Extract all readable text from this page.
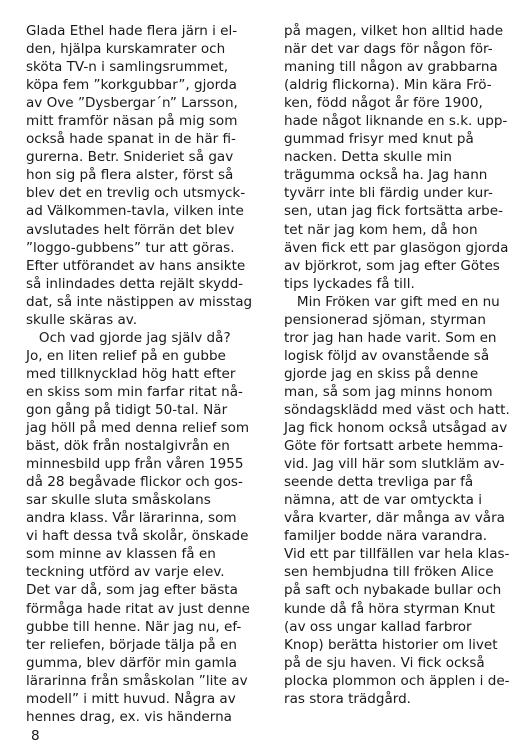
Glada Ethel hade flera järn i el-
den, hjälpa kurskamrater och
sköta TV-n i samlingsrummet,
köpa fem ”korkgubbar”, gjorda
av Ove ”Dysbergar´n” Larsson,
mitt framför näsan på mig som
också hade spanat in de här fi-
gurerna. Betr. Snideriet så gav
hon sig på flera alster, först så
blev det en trevlig och utsmyck-
ad Välkommen-tavla, vilken inte
avslutades helt förrän det blev
”loggo-gubbens” tur att göras.
Efter utförandet av hans ansikte
så inlindades detta rejält skydd-
dat, så inte nästippen av misstag
skulle skäras av.
Och vad gjorde jag själv då?
Jo, en liten relief på en gubbe
med tillknycklad hög hatt efter
en skiss som min farfar ritat nå-
gon gång på tidigt 50-tal. När
jag höll på med denna relief som
bäst, dök från nostalgivrån en
minnesbild upp från våren 1955
då 28 begåvade flickor och gos-
sar skulle sluta småskolans
andra klass. Vår lärarinna, som
vi haft dessa två skolår, önskade
som minne av klassen få en
teckning utförd av varje elev.
Det var då, som jag efter bästa
förmåga hade ritat av just denne
gubbe till henne. När jag nu, ef-
ter reliefen, började tälja på en
gumma, blev därför min gamla
lärarinna från småskolan ”lite av
modell” i mitt huvud. Några av
hennes drag, ex. vis händerna
på magen, vilket hon alltid hade
när det var dags för någon för-
maning till någon av grabbarna
(aldrig flickorna). Min kära Frö-
ken, född något år före 1900,
hade något liknande en s.k. upp-
gummad frisyr med knut på
nacken. Detta skulle min
trägumma också ha. Jag hann
tyvärr inte bli färdig under kur-
sen, utan jag fick fortsätta arbe-
tet när jag kom hem, då hon
även fick ett par glasögon gjorda
av björkrot, som jag efter Götes
tips lyckades få till.
Min Fröken var gift med en nu
pensionerad sjöman, styrman
tror jag han hade varit. Som en
logisk följd av ovanstående så
gjorde jag en skiss på denne
man, så som jag minns honom
söndagsklädd med väst och hatt.
Jag fick honom också utsågad av
Göte för fortsatt arbete hemma-
vid. Jag vill här som slutkläm av-
seende detta trevliga par få
nämna, att de var omtyckta i
våra kvarter, där många av våra
familjer bodde nära varandra.
Vid ett par tillfällen var hela klas-
sen hembjudna till fröken Alice
på saft och nybakade bullar och
kunde då få höra styrman Knut
(av oss ungar kallad farbror
Knop) berätta historier om livet
på de sju haven. Vi fick också
plocka plommon och äpplen i de-
ras stora trädgård.
8
